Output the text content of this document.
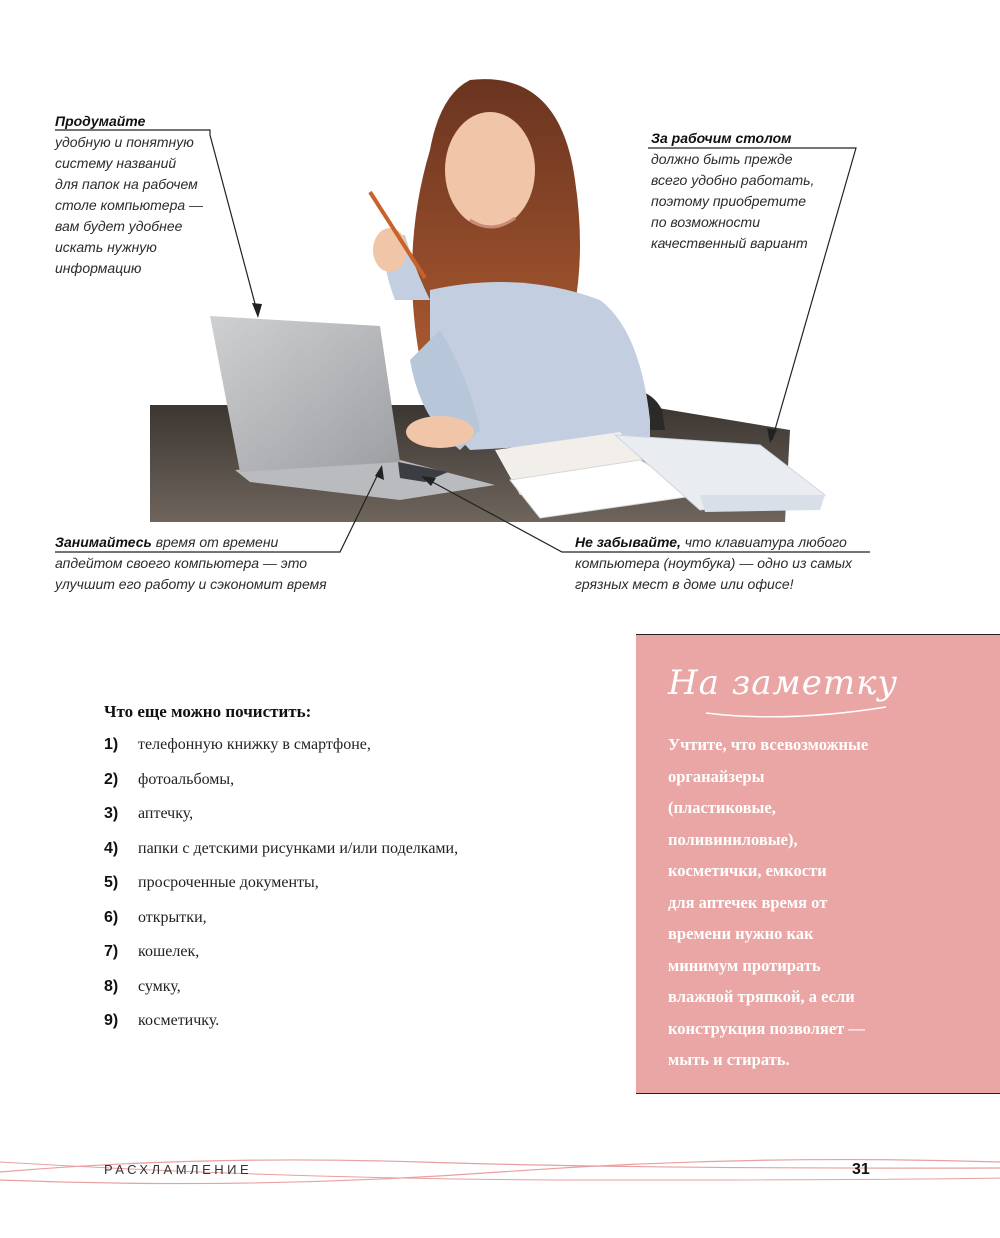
Продумайте
удобную и понятную
систему названий
для папок на рабочем
столе компьютера —
вам будет удобнее
искать нужную
информацию
За рабочим столом
должно быть прежде
всего удобно работать,
поэтому приобретите
по возможности
качественный вариант
Занимайтесь время от времени
апдейтом своего компьютера — это
улучшит его работу и сэкономит время
Не забывайте, что клавиатура любого
компьютера (ноутбука) — одно из самых
грязных мест в доме или офисе!
Что еще можно почистить:
1)	телефонную книжку в смартфоне,
2)	фотоальбомы,
3)	аптечку,
4)	папки с детскими рисунками и/или поделками,
5)	просроченные документы,
6)	открытки,
7)	кошелек,
8)	сумку,
9)	косметичку.
На заметку
Учтите, что всевозможные
органайзеры
(пластиковые,
поливиниловые),
косметички, емкости
для аптечек время от
времени нужно как
минимум протирать
влажной тряпкой, а если
конструкция позволяет —
мыть и стирать.
РАСХЛАМЛЕНИЕ	31
